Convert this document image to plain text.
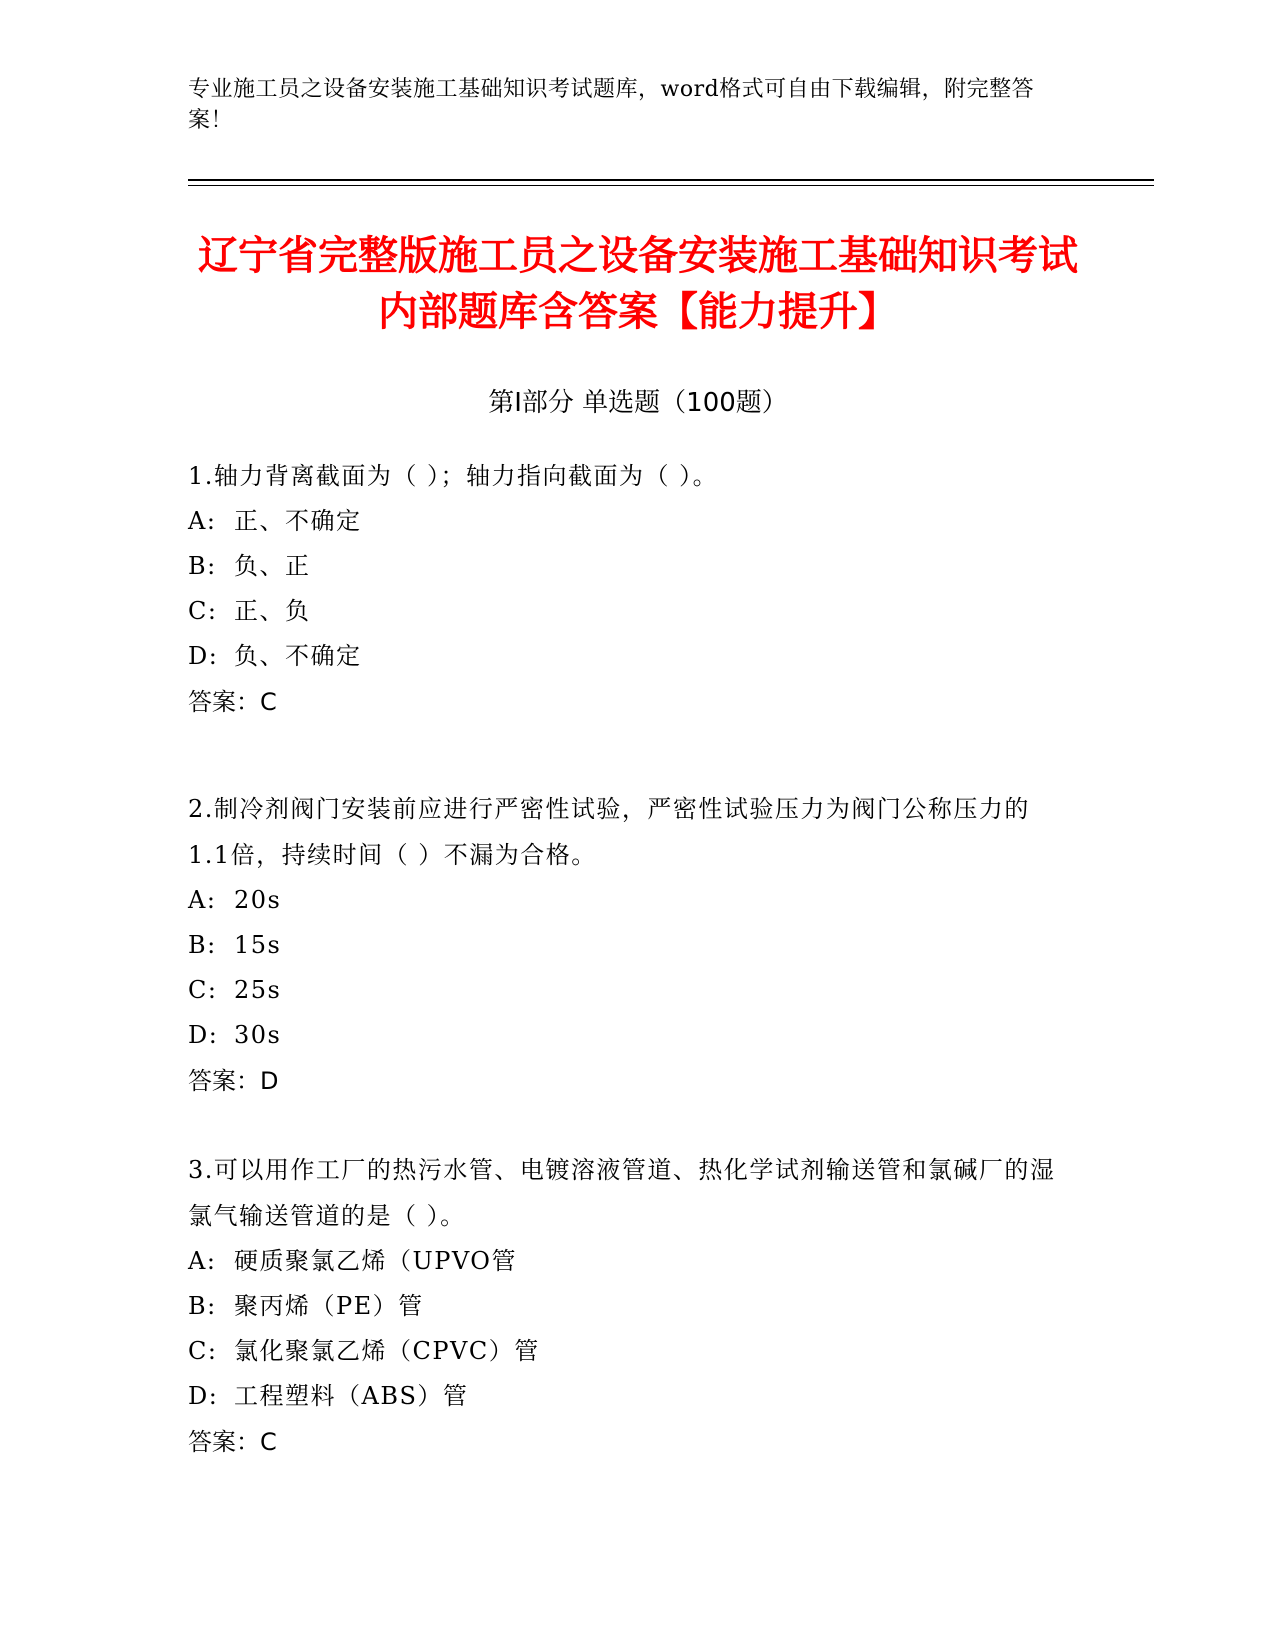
专业施工员之设备安装施工基础知识考试题库，word格式可自由下载编辑，附完整答案！
辽宁省完整版施工员之设备安装施工基础知识考试内部题库含答案【能力提升】
第Ⅰ部分 单选题（100题）

1.轴力背离截面为（ ）；轴力指向截面为（ ）。

A: 正、不确定

B: 负、正

C: 正、负

D: 负、不确定

答案：C

2.制冷剂阀门安装前应进行严密性试验，严密性试验压力为阀门公称压力的1.1倍，持续时间（ ）不漏为合格。

A: 20s

B: 15s

C: 25s

D: 30s

答案：D

3.可以用作工厂的热污水管、电镀溶液管道、热化学试剂输送管和氯碱厂的湿氯气输送管道的是（ ）。

A: 硬质聚氯乙烯（UPVO管

B: 聚丙烯（PE）管

C: 氯化聚氯乙烯（CPVC）管

D: 工程塑料（ABS）管

答案：C
